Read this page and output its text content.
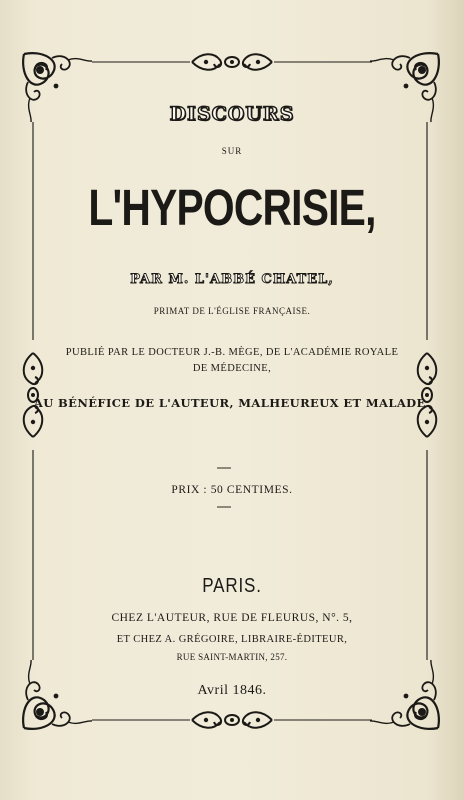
DISCOURS

SUR

L'HYPOCRISIE,

PAR M. L'ABBÉ CHATEL,

PRIMAT DE L'ÉGLISE FRANÇAISE.

PUBLIÉ PAR LE DOCTEUR J.-B. MÈGE, DE L'ACADÉMIE ROYALE

DE MÉDECINE,

AU BÉNÉFICE DE L'AUTEUR, MALHEUREUX ET MALADE.

PRIX : 50 CENTIMES.

PARIS.

CHEZ L'AUTEUR, RUE DE FLEURUS, N°. 5,

ET CHEZ A. GRÉGOIRE, LIBRAIRE-ÉDITEUR,

RUE SAINT-MARTIN, 257.

Avril 1846.
